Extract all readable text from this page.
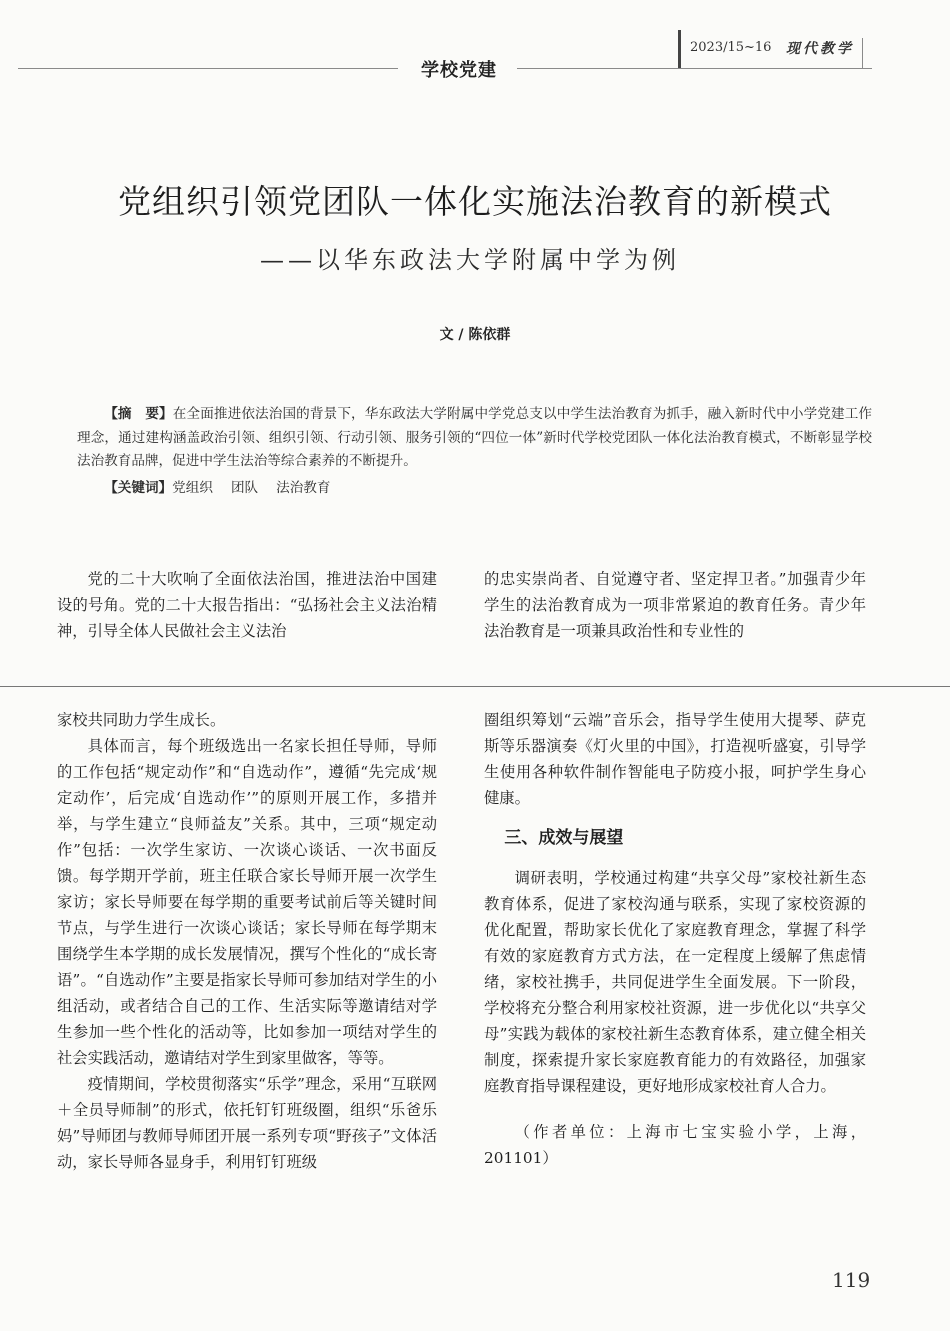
学校党建
2023/15~16 现代教学
党组织引领党团队一体化实施法治教育的新模式
——以华东政法大学附属中学为例
文 / 陈依群

【摘　要】在全面推进依法治国的背景下，华东政法大学附属中学党总支以中学生法治教育为抓手，融入新时代中小学党建工作理念，通过建构涵盖政治引领、组织引领、行动引领、服务引领的“四位一体”新时代学校党团队一体化法治教育模式，不断彰显学校法治教育品牌，促进中学生法治等综合素养的不断提升。

【关键词】党组织 团队 法治教育

党的二十大吹响了全面依法治国，推进法治中国建设的号角。党的二十大报告指出：“弘扬社会主义法治精神，引导全体人民做社会主义法治

的忠实崇尚者、自觉遵守者、坚定捍卫者。”加强青少年学生的法治教育成为一项非常紧迫的教育任务。青少年法治教育是一项兼具政治性和专业性的

家校共同助力学生成长。

具体而言，每个班级选出一名家长担任导师，导师的工作包括“规定动作”和“自选动作”，遵循“先完成‘规定动作’，后完成‘自选动作’”的原则开展工作，多措并举，与学生建立“良师益友”关系。其中，三项“规定动作”包括：一次学生家访、一次谈心谈话、一次书面反馈。每学期开学前，班主任联合家长导师开展一次学生家访；家长导师要在每学期的重要考试前后等关键时间节点，与学生进行一次谈心谈话；家长导师在每学期末围绕学生本学期的成长发展情况，撰写个性化的“成长寄语”。“自选动作”主要是指家长导师可参加结对学生的小组活动，或者结合自己的工作、生活实际等邀请结对学生参加一些个性化的活动等，比如参加一项结对学生的社会实践活动，邀请结对学生到家里做客，等等。

疫情期间，学校贯彻落实“乐学”理念，采用“互联网＋全员导师制”的形式，依托钉钉班级圈，组织“乐爸乐妈”导师团与教师导师团开展一系列专项“野孩子”文体活动，家长导师各显身手，利用钉钉班级

圈组织筹划“云端”音乐会，指导学生使用大提琴、萨克斯等乐器演奏《灯火里的中国》，打造视听盛宴，引导学生使用各种软件制作智能电子防疫小报，呵护学生身心健康。

三、成效与展望

调研表明，学校通过构建“共享父母”家校社新生态教育体系，促进了家校沟通与联系，实现了家校资源的优化配置，帮助家长优化了家庭教育理念，掌握了科学有效的家庭教育方式方法，在一定程度上缓解了焦虑情绪，家校社携手，共同促进学生全面发展。下一阶段，学校将充分整合利用家校社资源，进一步优化以“共享父母”实践为载体的家校社新生态教育体系，建立健全相关制度，探索提升家长家庭教育能力的有效路径，加强家庭教育指导课程建设，更好地形成家校社育人合力。

（作者单位：上海市七宝实验小学，上海，201101）

119
